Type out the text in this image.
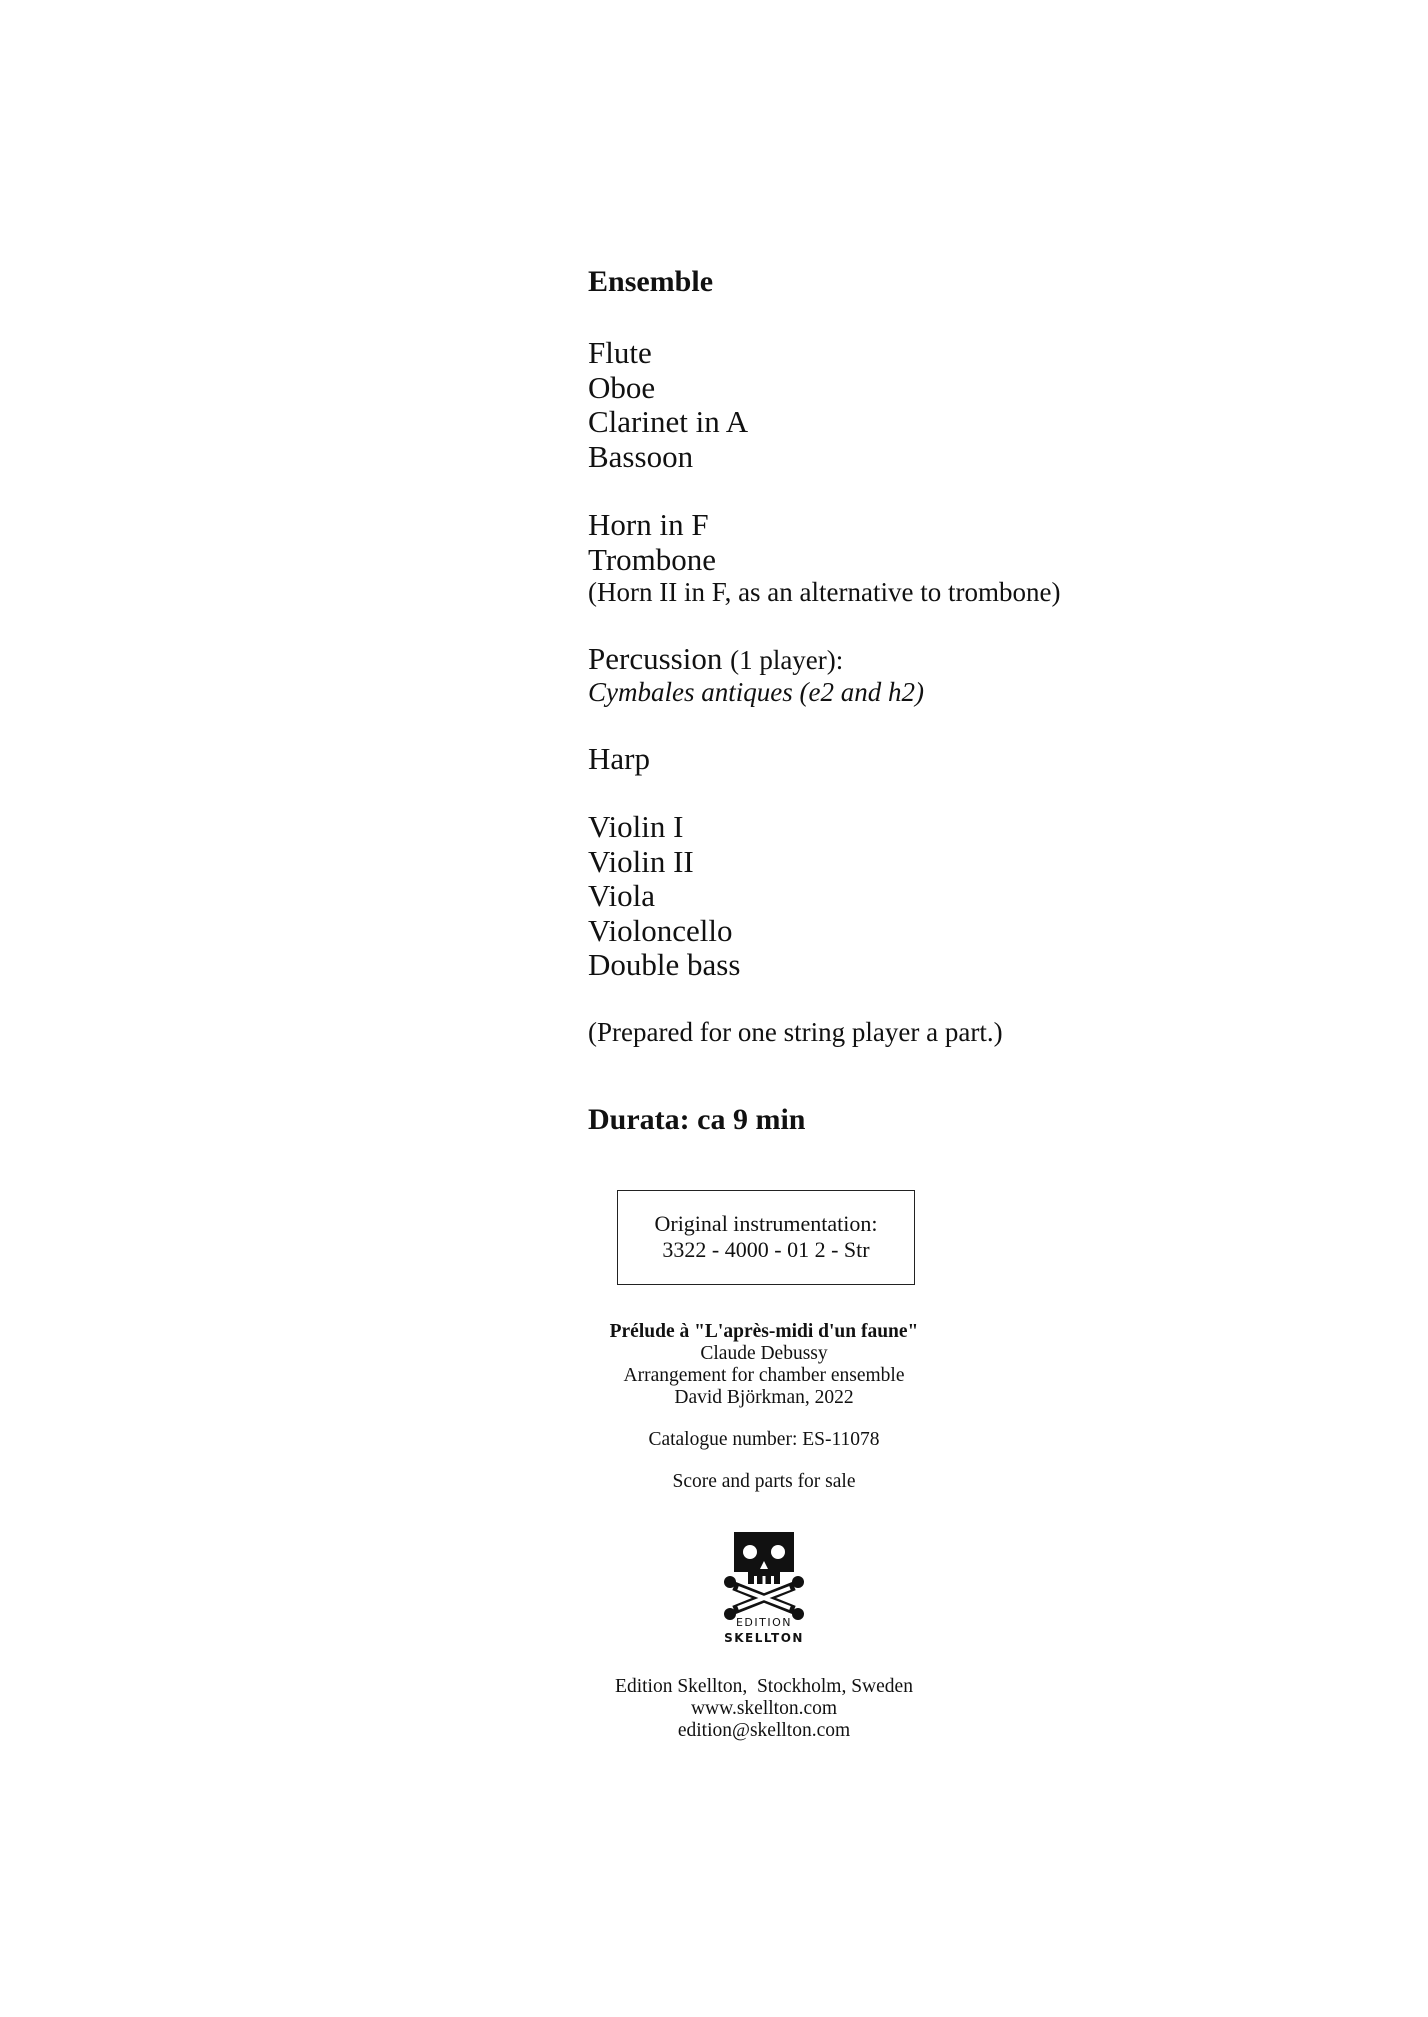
Ensemble
Flute
Oboe
Clarinet in A
Bassoon
Horn in F
Trombone
(Horn II in F, as an alternative to trombone)
Percussion (1 player):
Cymbales antiques (e2 and h2)
Harp
Violin I
Violin II
Viola
Violoncello
Double bass
(Prepared for one string player a part.)
Durata: ca 9 min
Original instrumentation:
3322 - 4000 - 01 2 - Str
Prélude à "L'après-midi d'un faune"
Claude Debussy
Arrangement for chamber ensemble
David Björkman, 2022
Catalogue number: ES-11078
Score and parts for sale
EDITION
SKELLTON
Edition Skellton,  Stockholm, Sweden
www.skellton.com
edition@skellton.com
